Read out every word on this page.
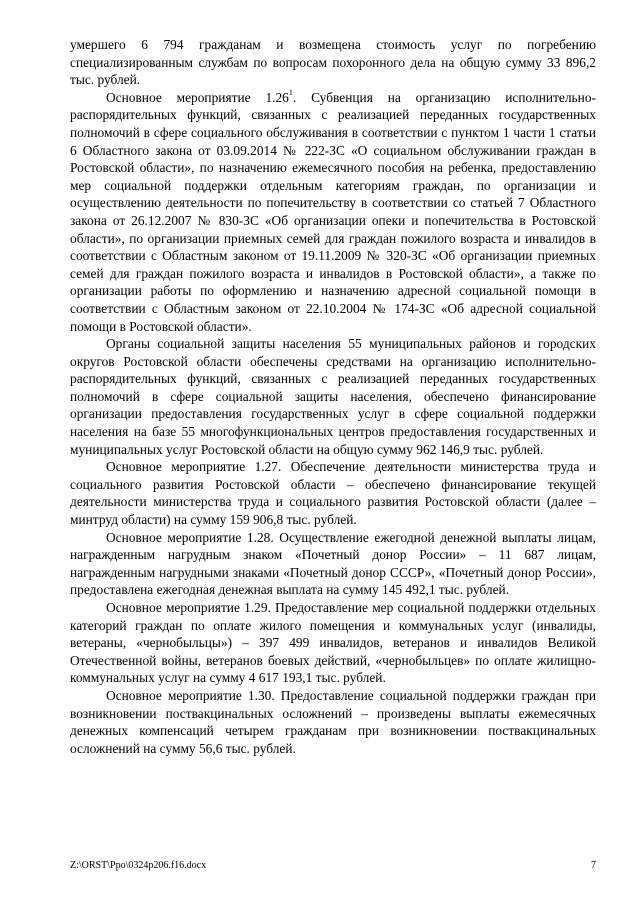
умершего 6 794 гражданам и возмещена стоимость услуг по погребению специализированным службам по вопросам похоронного дела на общую сумму 33 896,2 тыс. рублей.

Основное мероприятие 1.26$^1$. Субвенция на организацию исполнительно-распорядительных функций, связанных с реализацией переданных государственных полномочий в сфере социального обслуживания в соответствии с пунктом 1 части 1 статьи 6 Областного закона от 03.09.2014 № 222-ЗС «О социальном обслуживании граждан в Ростовской области», по назначению ежемесячного пособия на ребенка, предоставлению мер социальной поддержки отдельным категориям граждан, по организации и осуществлению деятельности по попечительству в соответствии со статьей 7 Областного закона от 26.12.2007 № 830-ЗС «Об организации опеки и попечительства в Ростовской области», по организации приемных семей для граждан пожилого возраста и инвалидов в соответствии с Областным законом от 19.11.2009 № 320-ЗС «Об организации приемных семей для граждан пожилого возраста и инвалидов в Ростовской области», а также по организации работы по оформлению и назначению адресной социальной помощи в соответствии с Областным законом от 22.10.2004 № 174-ЗС «Об адресной социальной помощи в Ростовской области».

Органы социальной защиты населения 55 муниципальных районов и городских округов Ростовской области обеспечены средствами на организацию исполнительно-распорядительных функций, связанных с реализацией переданных государственных полномочий в сфере социальной защиты населения, обеспечено финансирование организации предоставления государственных услуг в сфере социальной поддержки населения на базе 55 многофункциональных центров предоставления государственных и муниципальных услуг Ростовской области на общую сумму 962 146,9 тыс. рублей.

Основное мероприятие 1.27. Обеспечение деятельности министерства труда и социального развития Ростовской области – обеспечено финансирование текущей деятельности министерства труда и социального развития Ростовской области (далее – минтруд области) на сумму 159 906,8 тыс. рублей.

Основное мероприятие 1.28. Осуществление ежегодной денежной выплаты лицам, награжденным нагрудным знаком «Почетный донор России» – 11 687 лицам, награжденным нагрудными знаками «Почетный донор СССР», «Почетный донор России», предоставлена ежегодная денежная выплата на сумму 145 492,1 тыс. рублей.

Основное мероприятие 1.29. Предоставление мер социальной поддержки отдельных категорий граждан по оплате жилого помещения и коммунальных услуг (инвалиды, ветераны, «чернобыльцы») – 397 499 инвалидов, ветеранов и инвалидов Великой Отечественной войны, ветеранов боевых действий, «чернобыльцев» по оплате жилищно-коммунальных услуг на сумму 4 617 193,1 тыс. рублей.

Основное мероприятие 1.30. Предоставление социальной поддержки граждан при возникновении поствакцинальных осложнений – произведены выплаты ежемесячных денежных компенсаций четырем гражданам при возникновении поствакцинальных осложнений на сумму 56,6 тыс. рублей.

Z:\ORST\Ppo\0324p206.f16.docx	7
